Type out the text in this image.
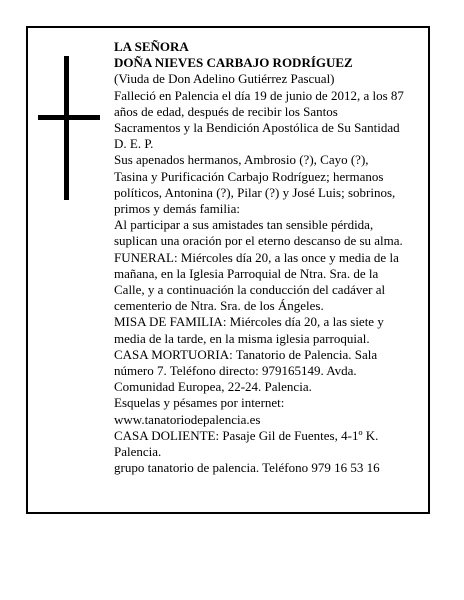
LA SEÑORA
DOÑA NIEVES CARBAJO RODRÍGUEZ
(Viuda de Don Adelino Gutiérrez Pascual)
Falleció en Palencia el día 19 de junio de 2012, a los 87
años de edad, después de recibir los Santos
Sacramentos y la Bendición Apostólica de Su Santidad
D. E. P.
Sus apenados hermanos, Ambrosio (?), Cayo (?),
Tasina y Purificación Carbajo Rodríguez; hermanos
políticos, Antonina (?), Pilar (?) y José Luis; sobrinos,
primos y demás familia:
Al participar a sus amistades tan sensible pérdida,
suplican una oración por el eterno descanso de su alma.
FUNERAL: Miércoles día 20, a las once y media de la
mañana, en la Iglesia Parroquial de Ntra. Sra. de la
Calle, y a continuación la conducción del cadáver al
cementerio de Ntra. Sra. de los Ángeles.
MISA DE FAMILIA: Miércoles día 20, a las siete y
media de la tarde, en la misma iglesia parroquial.
CASA MORTUORIA: Tanatorio de Palencia. Sala
número 7. Teléfono directo: 979165149. Avda.
Comunidad Europea, 22-24. Palencia.
Esquelas y pésames por internet:
www.tanatoriodepalencia.es
CASA DOLIENTE: Pasaje Gil de Fuentes, 4-1º K.
Palencia.
grupo tanatorio de palencia. Teléfono 979 16 53 16
